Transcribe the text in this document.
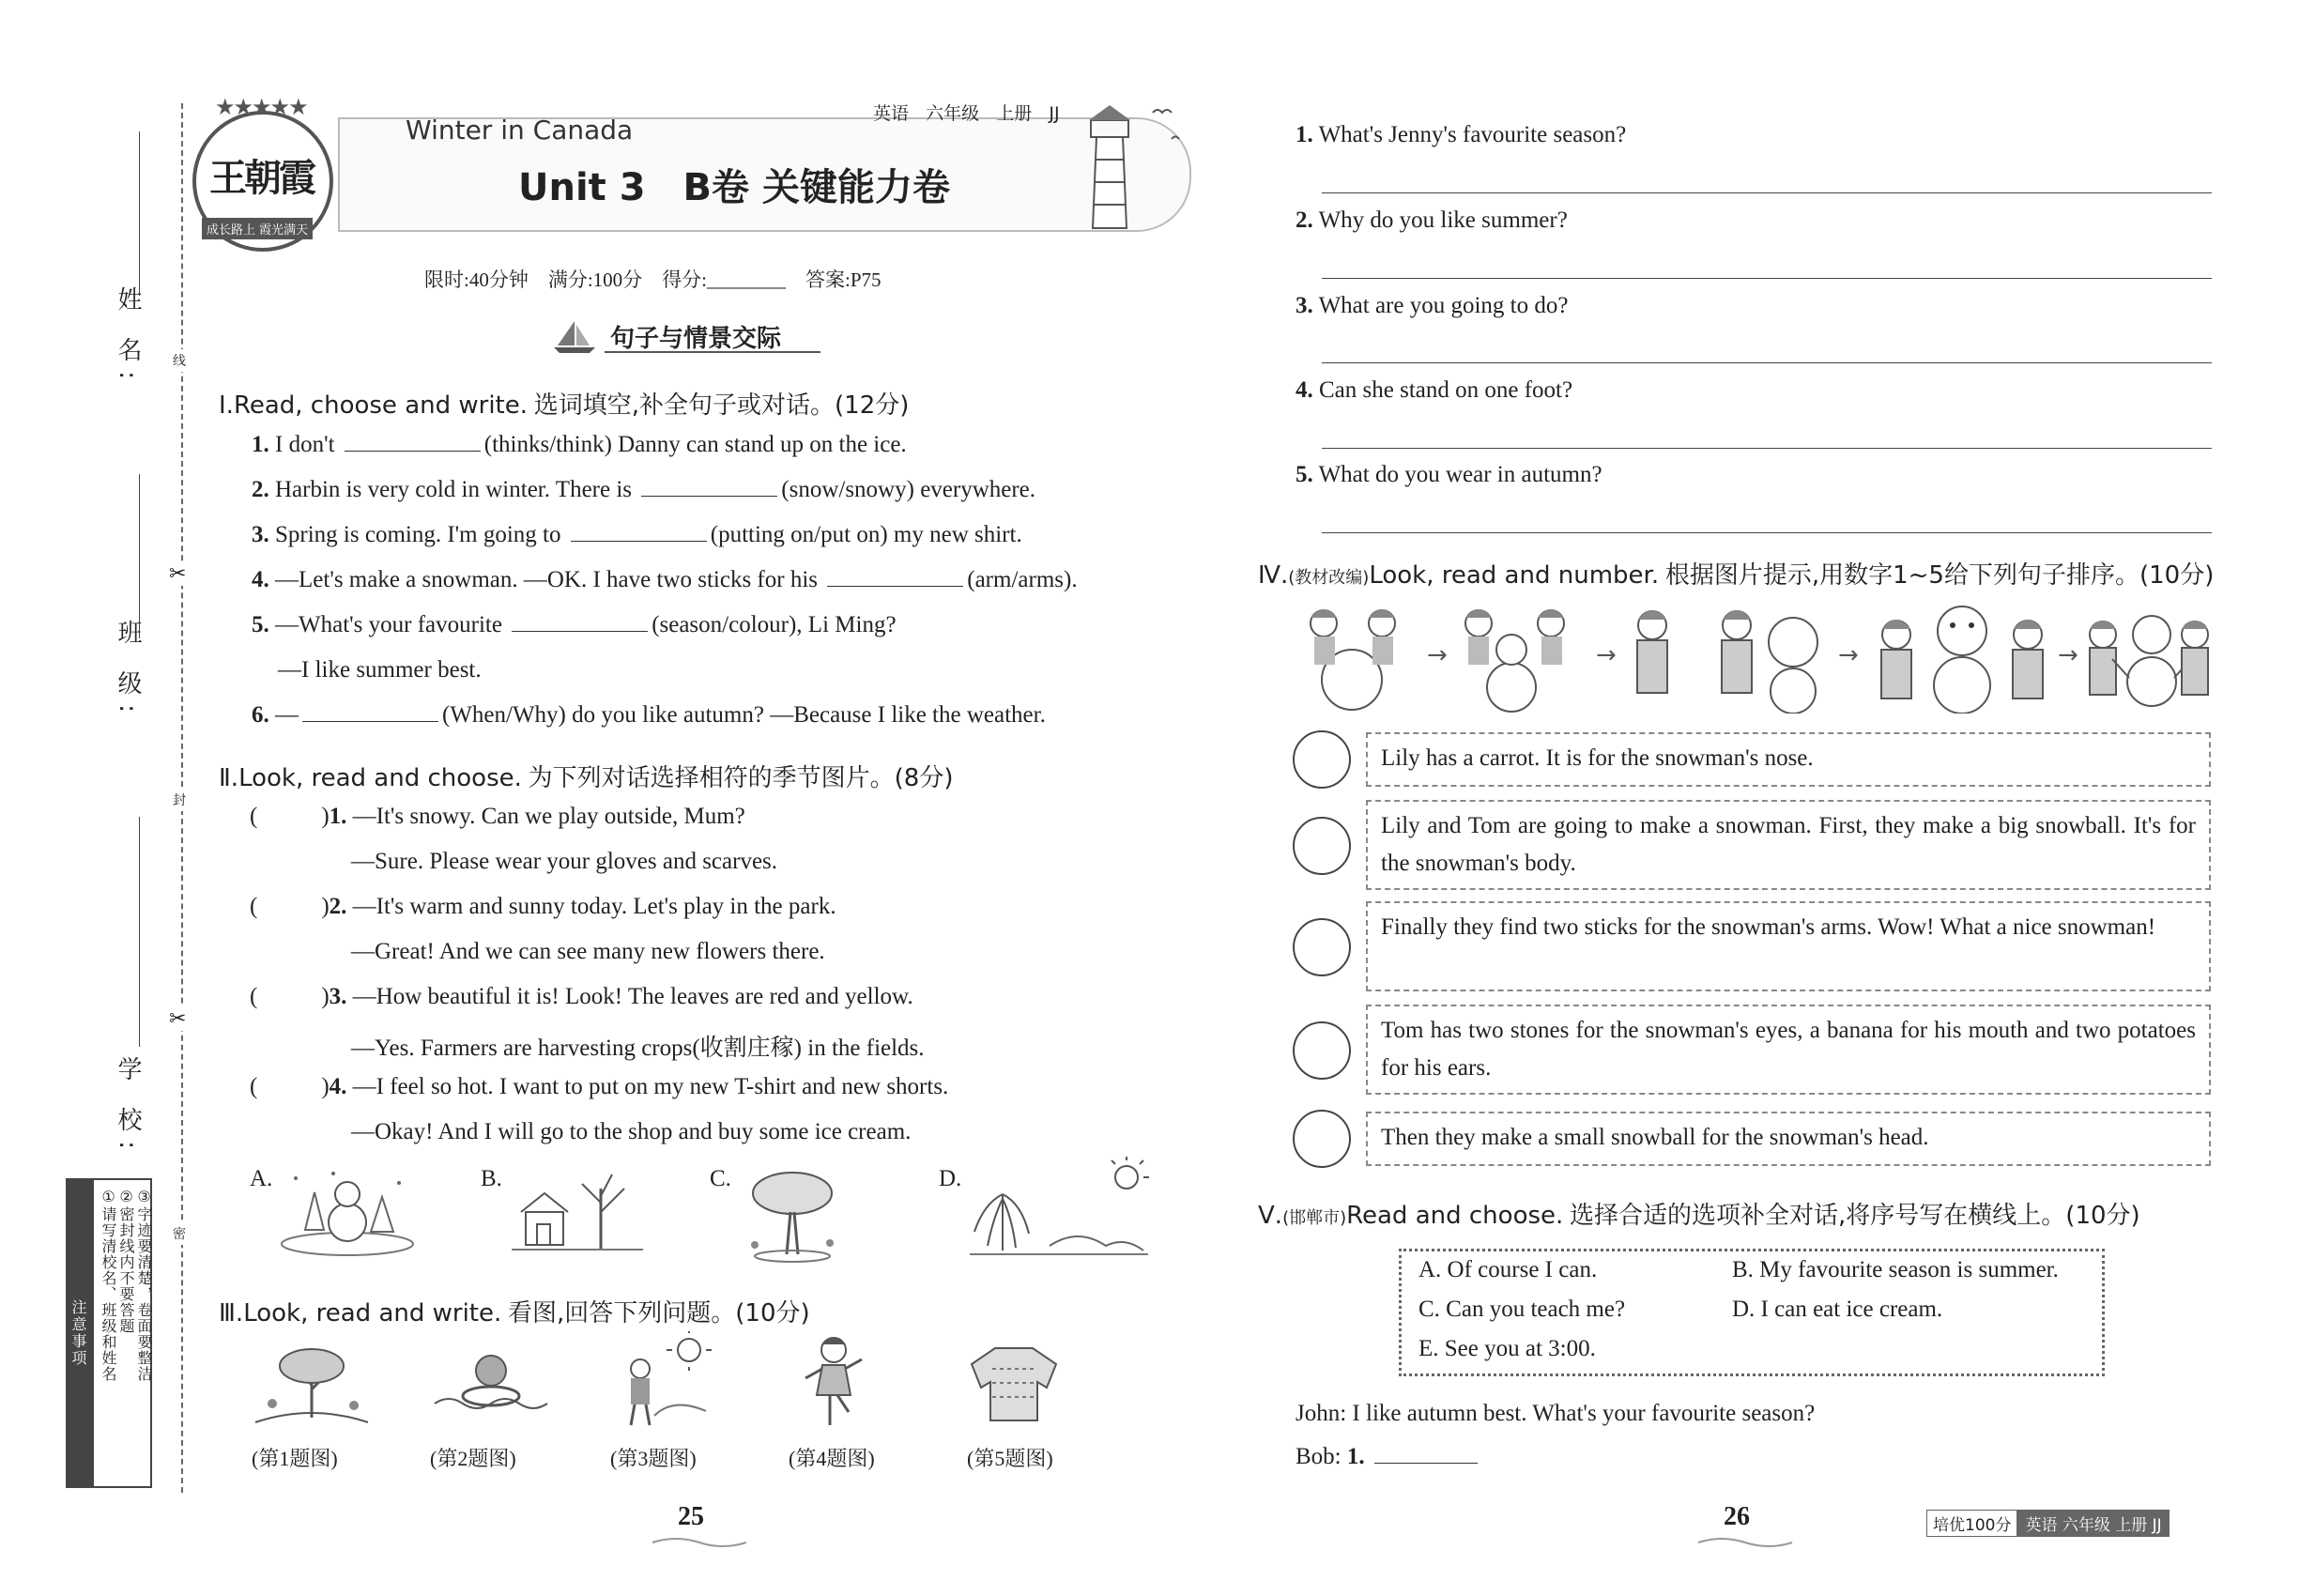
姓 名:
班 级:
学 校:
线
封
密
✂
✂
注意事项 ①请写清校名、班级和姓名 ②密封线内不要答题 ③字迹要清楚，卷面要整洁
★★★★★
王朝霞
成长路上 霞光满天
Winter in Canada
Unit 3　B卷 关键能力卷
英语 六年级 上册 JJ
限时:40分钟 满分:100分 得分:________ 答案:P75
句子与情景交际
Ⅰ.Read, choose and write. 选词填空,补全句子或对话。(12分)
1. I don't	(thinks/think) Danny can stand up on the ice.
2. Harbin is very cold in winter. There is	(snow/snowy) everywhere.
3. Spring is coming. I'm going to	(putting on/put on) my new shirt.
4. —Let's make a snowman. —OK. I have two sticks for his	(arm/arms).
5. —What's your favourite	(season/colour), Li Ming?
—I like summer best.
6. —	(When/Why) do you like autumn? —Because I like the weather.
Ⅱ.Look, read and choose. 为下列对话选择相符的季节图片。(8分)
(	)1. —It's snowy. Can we play outside, Mum?
—Sure. Please wear your gloves and scarves.
(	)2. —It's warm and sunny today. Let's play in the park.
—Great! And we can see many new flowers there.
(	)3. —How beautiful it is! Look! The leaves are red and yellow.
—Yes. Farmers are harvesting crops(收割庄稼) in the fields.
(	)4. —I feel so hot. I want to put on my new T-shirt and new shorts.
—Okay! And I will go to the shop and buy some ice cream.
A.	B.	C.	D.
Ⅲ.Look, read and write. 看图,回答下列问题。(10分)
(第1题图)	(第2题图)	(第3题图)	(第4题图)	(第5题图)
25
1. What's Jenny's favourite season?
2. Why do you like summer?
3. What are you going to do?
4. Can she stand on one foot?
5. What do you wear in autumn?
Ⅳ.(教材改编)Look, read and number. 根据图片提示,用数字1~5给下列句子排序。(10分)
→	→	→	→
Lily has a carrot. It is for the snowman's nose.
Lily and Tom are going to make a snowman. First, they make a big snowball. It's for the snowman's body.
Finally they find two sticks for the snowman's arms. Wow! What a nice snowman!
Tom has two stones for the snowman's eyes, a banana for his mouth and two potatoes for his ears.
Then they make a small snowball for the snowman's head.
Ⅴ.(邯郸市)Read and choose. 选择合适的选项补全对话,将序号写在横线上。(10分)
A. Of course I can.	B. My favourite season is summer.
C. Can you teach me?	D. I can eat ice cream.
E. See you at 3:00.
John: I like autumn best. What's your favourite season?
Bob: 1.
26	培优100分 英语 六年级 上册 JJ
